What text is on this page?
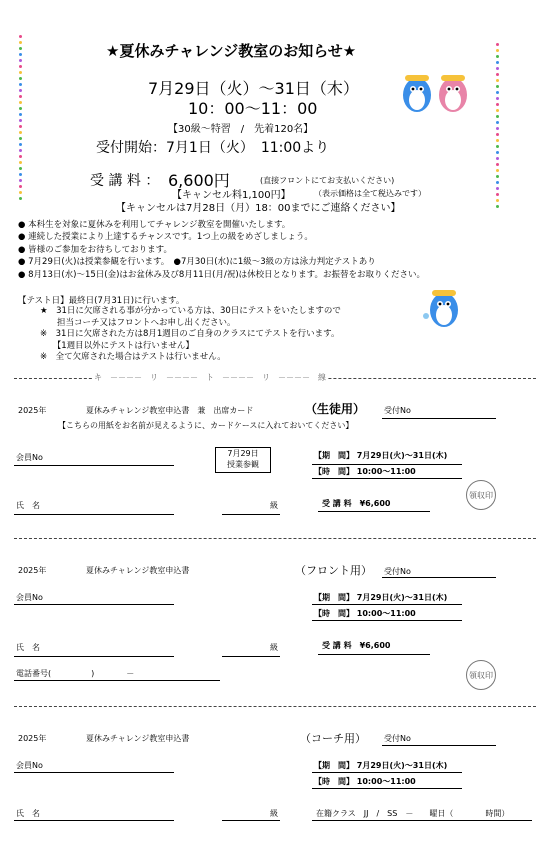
★夏休みチャレンジ教室のお知らせ★
7月29日（火）～31日（木）
10：00～11：00
【30級～特習　/　先着120名】
受付開始：7月1日（火）　11:00より
受 講 料 ： 6,600円	(直接フロントにてお支払いください)
【キャンセル料1,100円】	（表示価格は全て税込みです）
【キャンセルは7月28日（月）18：00までにご連絡ください】
● 本科生を対象に夏休みを利用してチャレンジ教室を開催いたします。
● 連続した授業により上達するチャンスです。1つ上の級をめざしましょう。
● 皆様のご参加をお待ちしております。
● 7月29日(火)は授業参観を行います。　●7月30日(水)に1級～3級の方は泳力判定テストあり
● 8月13日(水)～15日(金)はお盆休み及び8月11日(月/祝)は休校日となります。お振替をお取りください。
【テスト日】最終日(7月31日)に行います。
★　31日に欠席される事が分かっている方は、30日にテストをいたしますので
　　担当コーチ又はフロントへお申し出ください。
※　31日に欠席された方は8月1週目のご自身のクラスにてテストを行います。
　　【1週目以外にテストは行いません】
※　全て欠席された場合はテストは行いません。
キ　－－－－　リ　－－－－　ト　－－－－　リ　－－－－　線
2025年	夏休みチャレンジ教室申込書　兼　出席カード	（生徒用） 受付No
【こちらの用紙をお名前が見えるように、カードケースに入れておいてください】
会員No	7月29日
授業参観
【期　間】 7月29日(火)～31日(木)
【時　間】 10:00～11:00
氏　名	級	受 講 料　 ¥6,600
領収印
2025年	夏休みチャレンジ教室申込書	（フロント用） 受付No
会員No	【期　間】 7月29日(火)～31日(木)
【時　間】 10:00～11:00
氏　名	級	受 講 料　 ¥6,600
電話番号(　　　　　)　　　　－	領収印
2025年	夏休みチャレンジ教室申込書	（コーチ用） 受付No
会員No	【期　間】 7月29日(火)～31日(木)
【時　間】 10:00～11:00
氏　名	級	在籍クラス　JJ　/　SS　－　　曜日（　　　　時間）
